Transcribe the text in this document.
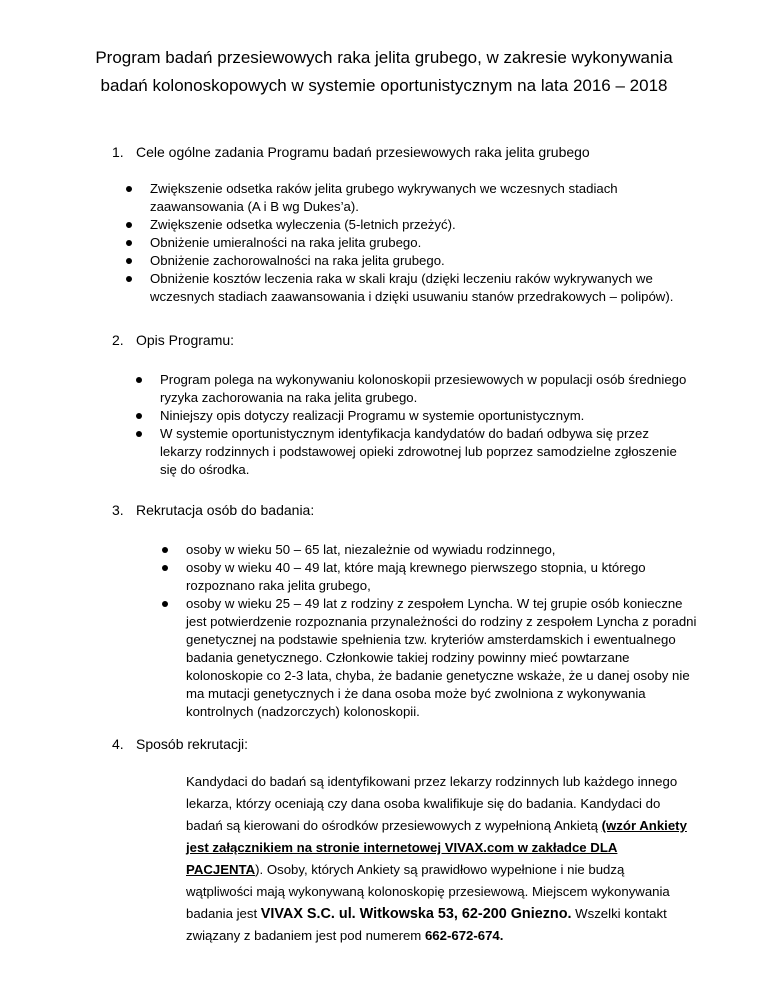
Program badań przesiewowych raka jelita grubego, w zakresie wykonywania
badań kolonoskopowych w systemie oportunistycznym na lata 2016 – 2018
1. Cele ogólne zadania Programu badań przesiewowych raka jelita grubego
Zwiększenie odsetka raków jelita grubego wykrywanych we wczesnych stadiach zaawansowania (A i B wg Dukes’a).
Zwiększenie odsetka wyleczenia (5-letnich przeżyć).
Obniżenie umieralności na raka jelita grubego.
Obniżenie zachorowalności na raka jelita grubego.
Obniżenie kosztów leczenia raka w skali kraju (dzięki leczeniu raków wykrywanych we wczesnych stadiach zaawansowania i dzięki usuwaniu stanów przedrakowych – polipów).
2. Opis Programu:
Program polega na wykonywaniu kolonoskopii przesiewowych w populacji osób średniego ryzyka zachorowania na raka jelita grubego.
Niniejszy opis dotyczy realizacji Programu w systemie oportunistycznym.
W systemie oportunistycznym identyfikacja kandydatów do badań odbywa się przez lekarzy rodzinnych i podstawowej opieki zdrowotnej lub poprzez samodzielne zgłoszenie się do ośrodka.
3. Rekrutacja osób do badania:
osoby w wieku 50 – 65 lat, niezależnie od wywiadu rodzinnego,
osoby w wieku 40 – 49 lat, które mają krewnego pierwszego stopnia, u którego rozpoznano raka jelita grubego,
osoby w wieku 25 – 49 lat z rodziny z zespołem Lyncha. W tej grupie osób konieczne jest potwierdzenie rozpoznania przynależności do rodziny z zespołem Lyncha z poradni genetycznej na podstawie spełnienia tzw. kryteriów amsterdamskich i ewentualnego badania genetycznego. Członkowie takiej rodziny powinny mieć powtarzane kolonoskopie co 2-3 lata, chyba, że badanie genetyczne wskaże, że u danej osoby nie ma mutacji genetycznych i że dana osoba może być zwolniona z wykonywania kontrolnych (nadzorczych) kolonoskopii.
4. Sposób rekrutacji:
Kandydaci do badań są identyfikowani przez lekarzy rodzinnych lub każdego innego lekarza, którzy oceniają czy dana osoba kwalifikuje się do badania. Kandydaci do badań są kierowani do ośrodków przesiewowych z wypełnioną Ankietą (wzór Ankiety jest załącznikiem na stronie internetowej VIVAX.com w zakładce DLA PACJENTA). Osoby, których Ankiety są prawidłowo wypełnione i nie budzą wątpliwości mają wykonywaną kolonoskopię przesiewową. Miejscem wykonywania badania jest VIVAX S.C. ul. Witkowska 53, 62-200 Gniezno. Wszelki kontakt związany z badaniem jest pod numerem 662-672-674.
